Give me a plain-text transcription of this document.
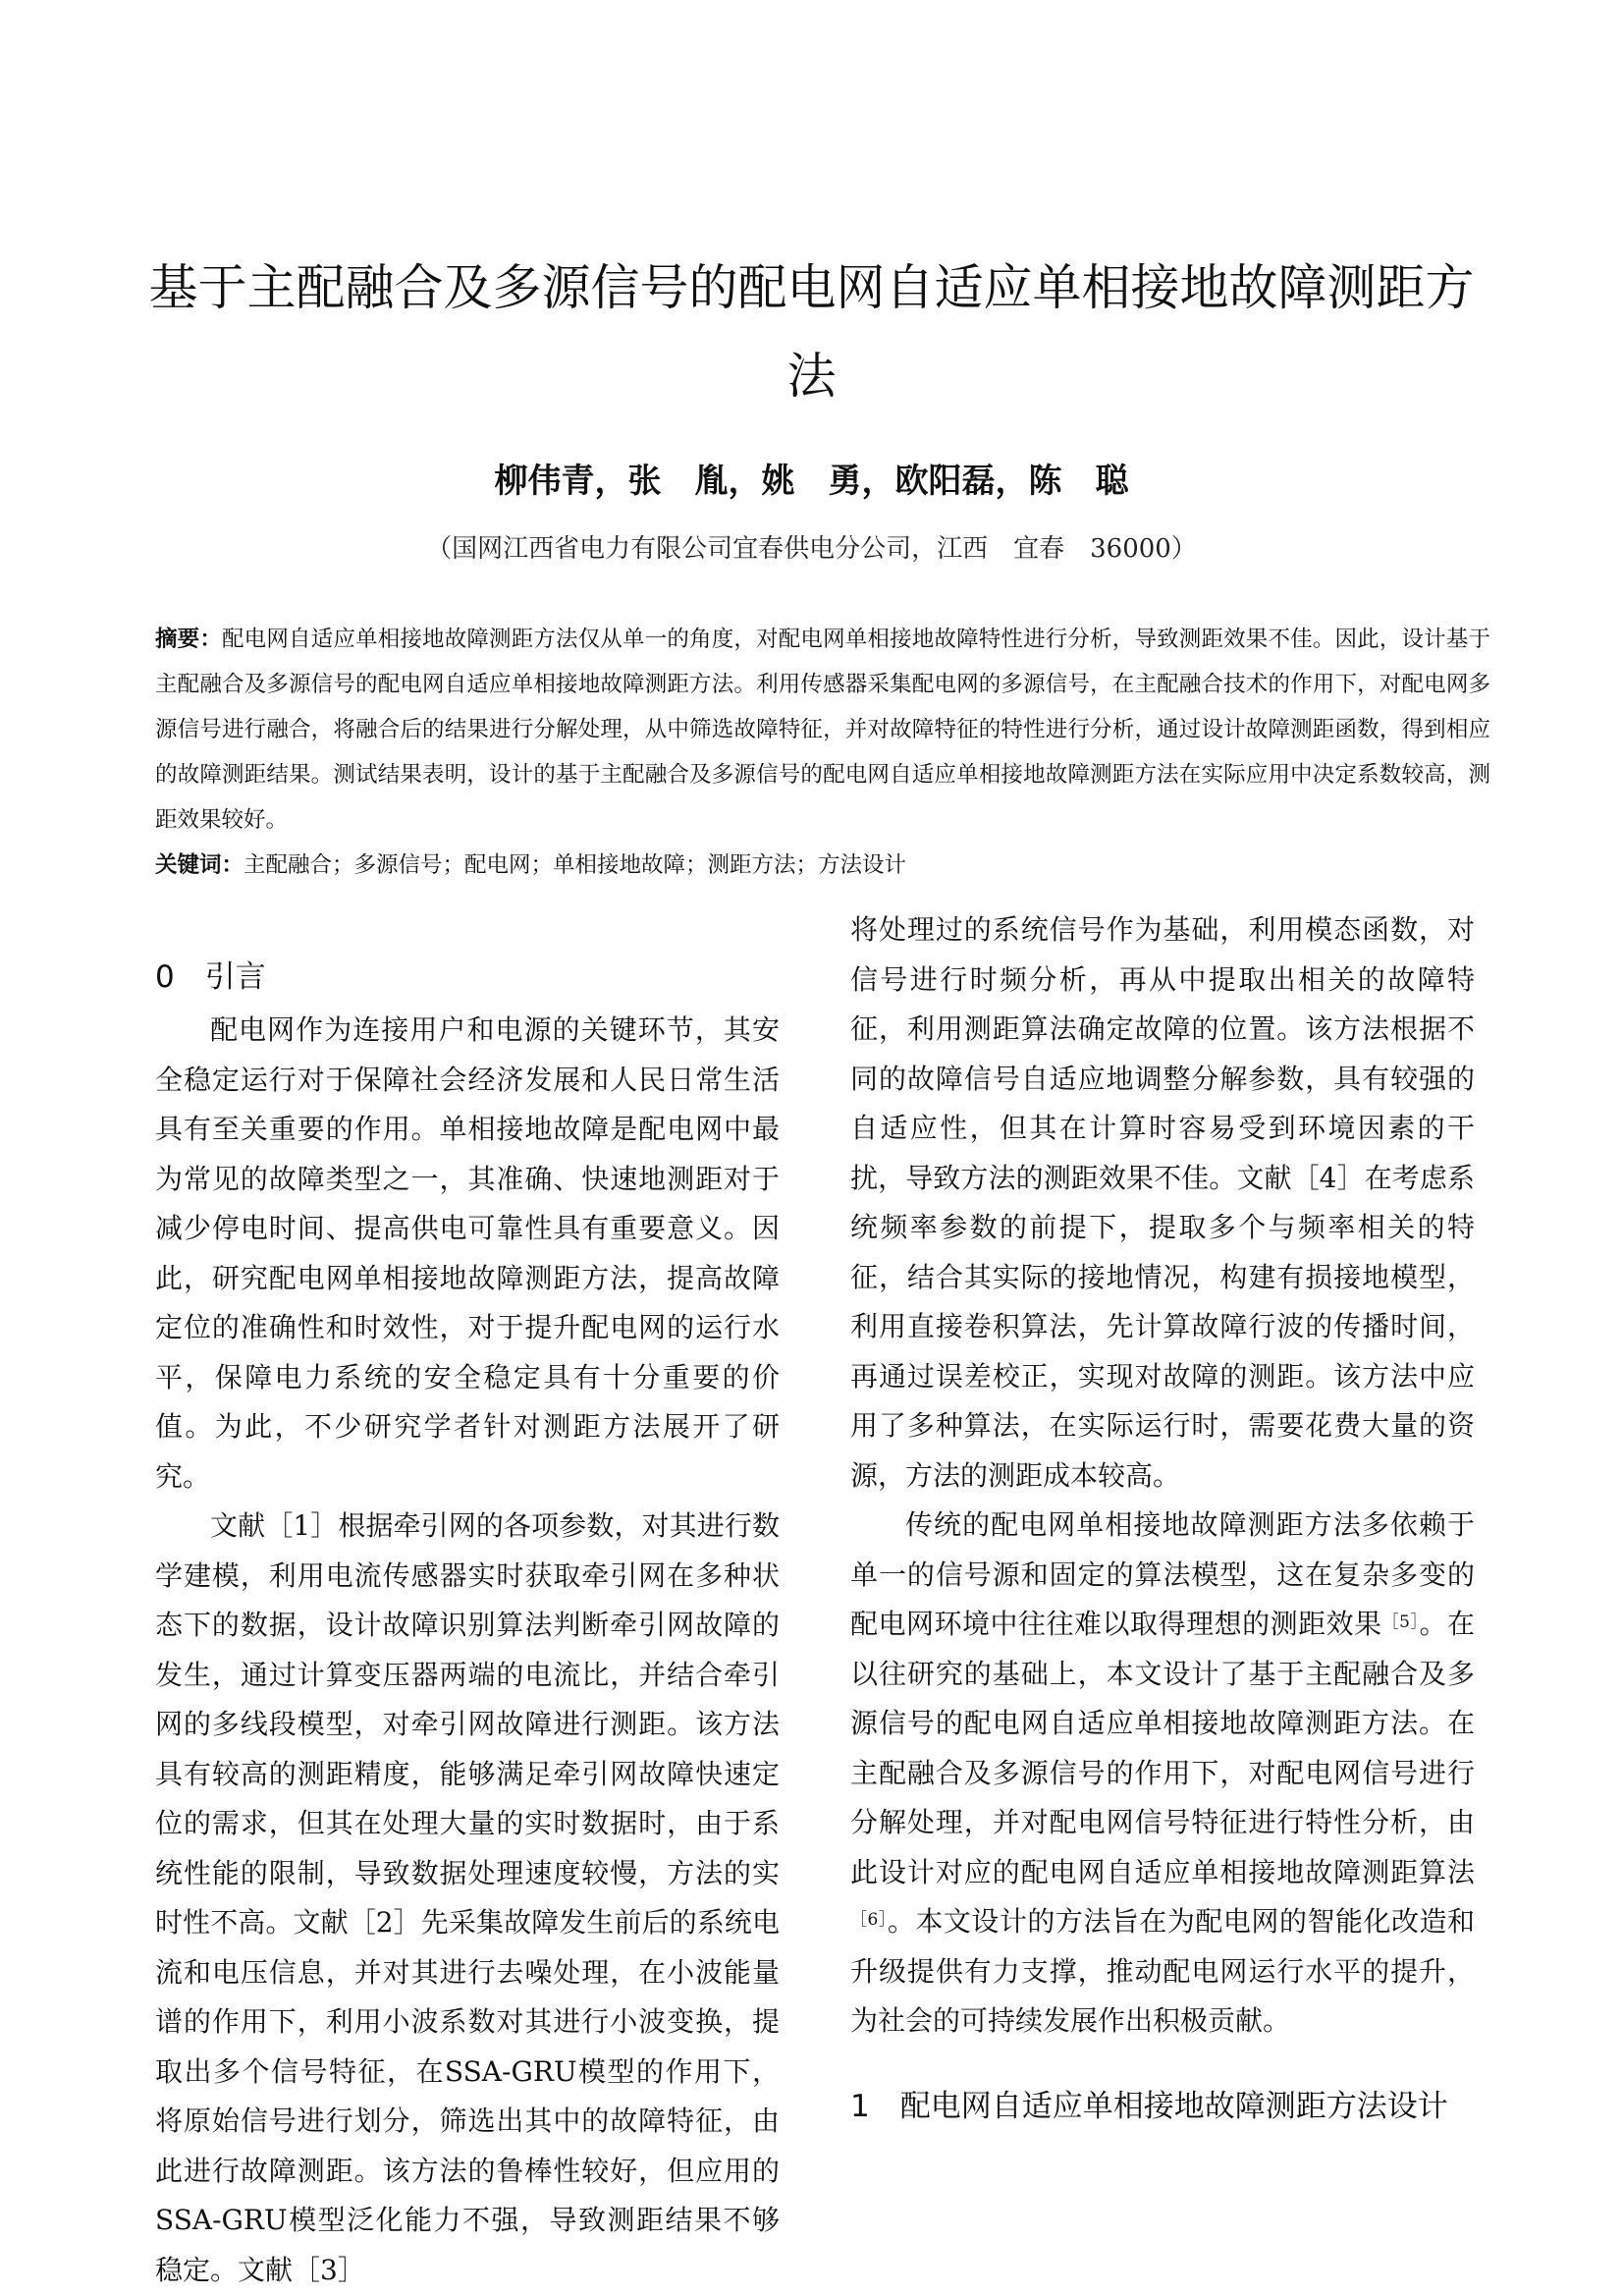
基于主配融合及多源信号的配电网自适应单相接地故障测距方法
柳伟青，张　胤，姚　勇，欧阳磊，陈　聪
（国网江西省电力有限公司宜春供电分公司，江西　宜春　36000）

摘要：配电网自适应单相接地故障测距方法仅从单一的角度，对配电网单相接地故障特性进行分析，导致测距效果不佳。因此，设计基于主配融合及多源信号的配电网自适应单相接地故障测距方法。利用传感器采集配电网的多源信号，在主配融合技术的作用下，对配电网多源信号进行融合，将融合后的结果进行分解处理，从中筛选故障特征，并对故障特征的特性进行分析，通过设计故障测距函数，得到相应的故障测距结果。测试结果表明，设计的基于主配融合及多源信号的配电网自适应单相接地故障测距方法在实际应用中决定系数较高，测距效果较好。

关键词：主配融合；多源信号；配电网；单相接地故障；测距方法；方法设计

0　引言

配电网作为连接用户和电源的关键环节，其安全稳定运行对于保障社会经济发展和人民日常生活具有至关重要的作用。单相接地故障是配电网中最为常见的故障类型之一，其准确、快速地测距对于减少停电时间、提高供电可靠性具有重要意义。因此，研究配电网单相接地故障测距方法，提高故障定位的准确性和时效性，对于提升配电网的运行水平，保障电力系统的安全稳定具有十分重要的价值。为此，不少研究学者针对测距方法展开了研究。

文献［1］根据牵引网的各项参数，对其进行数学建模，利用电流传感器实时获取牵引网在多种状态下的数据，设计故障识别算法判断牵引网故障的发生，通过计算变压器两端的电流比，并结合牵引网的多线段模型，对牵引网故障进行测距。该方法具有较高的测距精度，能够满足牵引网故障快速定位的需求，但其在处理大量的实时数据时，由于系统性能的限制，导致数据处理速度较慢，方法的实时性不高。文献［2］先采集故障发生前后的系统电流和电压信息，并对其进行去噪处理，在小波能量谱的作用下，利用小波系数对其进行小波变换，提取出多个信号特征，在SSA-GRU模型的作用下，将原始信号进行划分，筛选出其中的故障特征，由此进行故障测距。该方法的鲁棒性较好，但应用的SSA-GRU模型泛化能力不强，导致测距结果不够稳定。文献［3］

将处理过的系统信号作为基础，利用模态函数，对信号进行时频分析，再从中提取出相关的故障特征，利用测距算法确定故障的位置。该方法根据不同的故障信号自适应地调整分解参数，具有较强的自适应性，但其在计算时容易受到环境因素的干扰，导致方法的测距效果不佳。文献［4］在考虑系统频率参数的前提下，提取多个与频率相关的特征，结合其实际的接地情况，构建有损接地模型，利用直接卷积算法，先计算故障行波的传播时间，再通过误差校正，实现对故障的测距。该方法中应用了多种算法，在实际运行时，需要花费大量的资源，方法的测距成本较高。

传统的配电网单相接地故障测距方法多依赖于单一的信号源和固定的算法模型，这在复杂多变的配电网环境中往往难以取得理想的测距效果$^{[5]}$。在以往研究的基础上，本文设计了基于主配融合及多源信号的配电网自适应单相接地故障测距方法。在主配融合及多源信号的作用下，对配电网信号进行分解处理，并对配电网信号特征进行特性分析，由此设计对应的配电网自适应单相接地故障测距算法$^{[6]}$。本文设计的方法旨在为配电网的智能化改造和升级提供有力支撑，推动配电网运行水平的提升，为社会的可持续发展作出积极贡献。

1　配电网自适应单相接地故障测距方法设计
